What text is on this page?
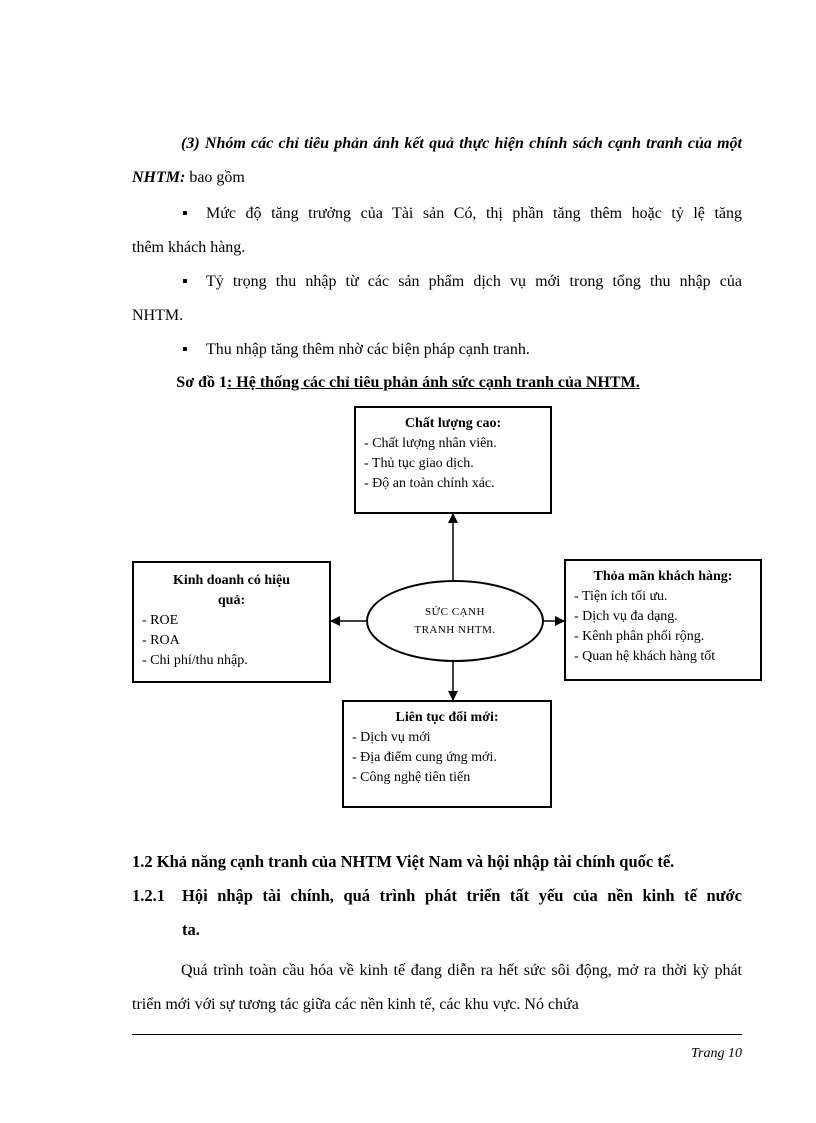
(3) Nhóm các chỉ tiêu phản ánh kết quả thực hiện chính sách cạnh tranh của một NHTM: bao gồm
▪ Mức độ tăng trưởng của Tài sản Có, thị phần tăng thêm hoặc tỷ lệ tăng
thêm khách hàng.
▪ Tỷ trọng thu nhập từ các sản phẩm dịch vụ mới trong tổng thu nhập của
NHTM.
▪ Thu nhập tăng thêm nhờ các biện pháp cạnh tranh.
Sơ đồ 1: Hệ thống các chỉ tiêu phản ánh sức cạnh tranh của NHTM.
Chất lượng cao:
- Chất lượng nhân viên.
- Thủ tục giao dịch.
- Độ an toàn chính xác.
Kinh doanh có hiệu
quả:
- ROE
- ROA
- Chi phí/thu nhập.
SỨC CẠNH
TRANH NHTM.
Thỏa mãn khách hàng:
- Tiện ích tối ưu.
- Dịch vụ đa dạng.
- Kênh phân phối rộng.
- Quan hệ khách hàng tốt
Liên tục đổi mới:
- Dịch vụ mới
- Địa điểm cung ứng mới.
- Công nghệ tiên tiến
1.2 Khả năng cạnh tranh của NHTM Việt Nam và hội nhập tài chính quốc tế.
1.2.1 Hội nhập tài chính, quá trình phát triển tất yếu của nền kinh tế nước
ta.
Quá trình toàn cầu hóa về kinh tế đang diễn ra hết sức sôi động, mở ra thời kỳ phát triển mới với sự tương tác giữa các nền kinh tế, các khu vực. Nó chứa
Trang 10
